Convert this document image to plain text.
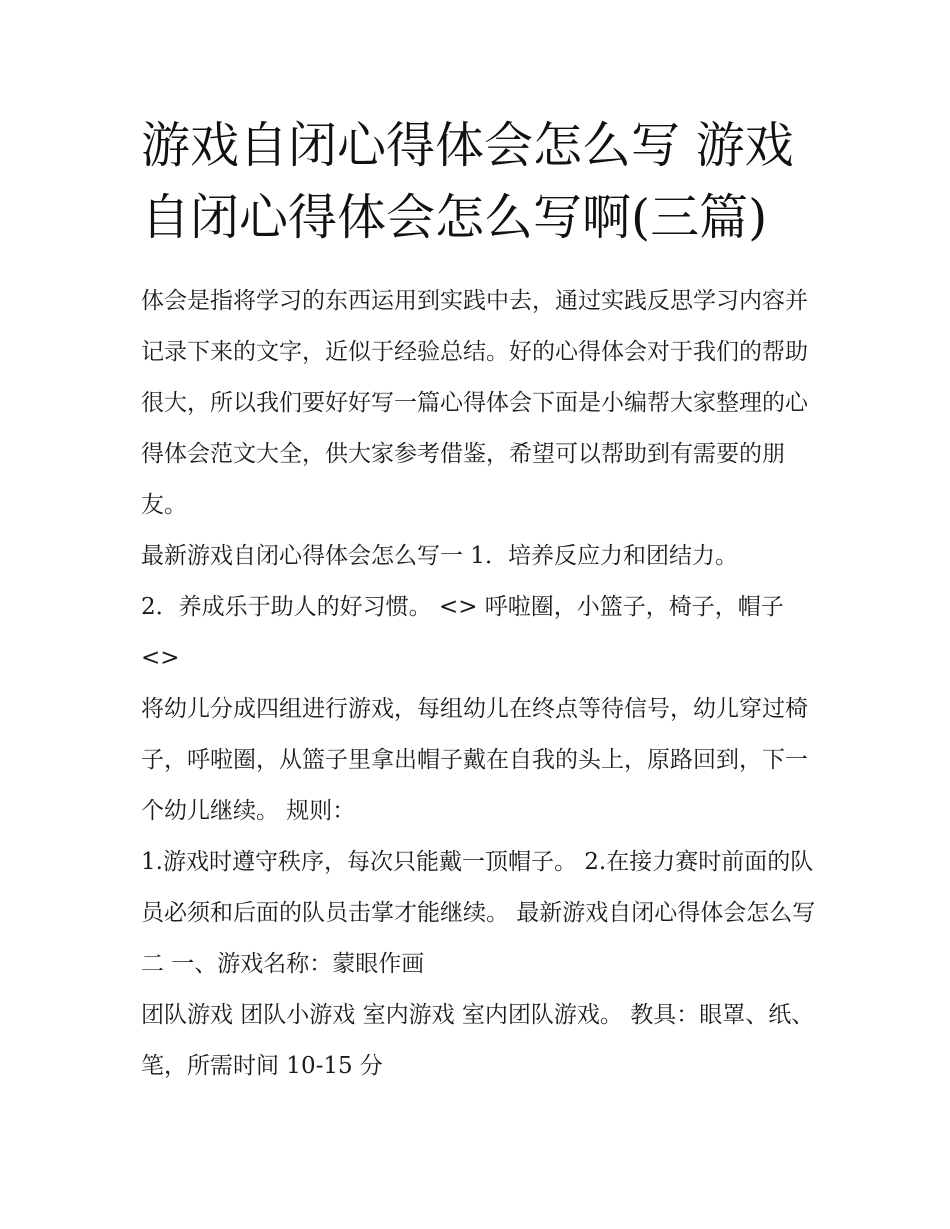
游戏自闭心得体会怎么写 游戏自闭心得体会怎么写啊(三篇)

体会是指将学习的东西运用到实践中去，通过实践反思学习内容并记录下来的文字，近似于经验总结。好的心得体会对于我们的帮助很大，所以我们要好好写一篇心得体会下面是小编帮大家整理的心得体会范文大全，供大家参考借鉴，希望可以帮助到有需要的朋友。

最新游戏自闭心得体会怎么写一 1．培养反应力和团结力。

2．养成乐于助人的好习惯。 <> 呼啦圈，小篮子，椅子，帽子 <>

将幼儿分成四组进行游戏，每组幼儿在终点等待信号，幼儿穿过椅子，呼啦圈，从篮子里拿出帽子戴在自我的头上，原路回到，下一个幼儿继续。 规则：

1.游戏时遵守秩序，每次只能戴一顶帽子。 2.在接力赛时前面的队员必须和后面的队员击掌才能继续。 最新游戏自闭心得体会怎么写二 一、游戏名称：蒙眼作画

团队游戏 团队小游戏 室内游戏 室内团队游戏。 教具：眼罩、纸、笔，所需时间 10-15 分
